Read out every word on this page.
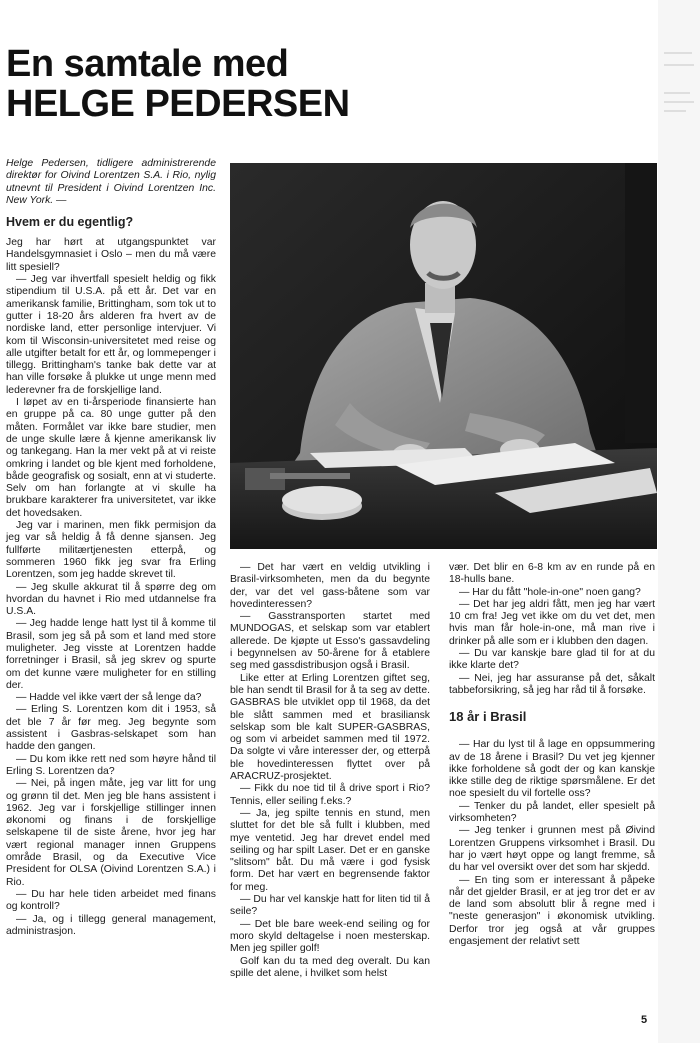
En samtale med
HELGE PEDERSEN
Helge Pedersen, tidligere administrerende direktør for Oivind Lorentzen S.A. i Rio, nylig utnevnt til President i Oivind Lorentzen Inc. New York. —
Hvem er du egentlig?
Jeg har hørt at utgangspunktet var Handelsgymnasiet i Oslo – men du må være litt spesiell?
— Jeg var ihvertfall spesielt heldig og fikk stipendium til U.S.A. på ett år. Det var en amerikansk familie, Brittingham, som tok ut to gutter i 18-20 års alderen fra hvert av de nordiske land, etter personlige intervjuer. Vi kom til Wisconsin-universitetet med reise og alle utgifter betalt for ett år, og lommepenger i tillegg. Brittingham's tanke bak dette var at han ville forsøke å plukke ut unge menn med lederevner fra de forskjellige land.
I løpet av en ti-årsperiode finansierte han en gruppe på ca. 80 unge gutter på den måten. Formålet var ikke bare studier, men de unge skulle lære å kjenne amerikansk liv og tankegang. Han la mer vekt på at vi reiste omkring i landet og ble kjent med forholdene, både geografisk og sosialt, enn at vi studerte. Selv om han forlangte at vi skulle ha brukbare karakterer fra universitetet, var ikke det hovedsaken.
Jeg var i marinen, men fikk permisjon da jeg var så heldig å få denne sjansen. Jeg fullførte militærtjenesten etterpå, og sommeren 1960 fikk jeg svar fra Erling Lorentzen, som jeg hadde skrevet til.
— Jeg skulle akkurat til å spørre deg om hvordan du havnet i Rio med utdannelse fra U.S.A.
— Jeg hadde lenge hatt lyst til å komme til Brasil, som jeg så på som et land med store muligheter. Jeg visste at Lorentzen hadde forretninger i Brasil, så jeg skrev og spurte om det kunne være muligheter for en stilling der.
— Hadde vel ikke vært der så lenge da?
— Erling S. Lorentzen kom dit i 1953, så det ble 7 år før meg. Jeg begynte som assistent i Gasbras-selskapet som han hadde den gangen.
— Du kom ikke rett ned som høyre hånd til Erling S. Lorentzen da?
— Nei, på ingen måte, jeg var litt for ung og grønn til det. Men jeg ble hans assistent i 1962. Jeg var i forskjellige stillinger innen økonomi og finans i de forskjellige selskapene til de siste årene, hvor jeg har vært regional manager innen Gruppens område Brasil, og da Executive Vice President for OLSA (Oivind Lorentzen S.A.) i Rio.
— Du har hele tiden arbeidet med finans og kontroll?
— Ja, og i tillegg general management, administrasjon.
— Det har vært en veldig utvikling i Brasil-virksomheten, men da du begynte der, var det vel gass-båtene som var hovedinteressen?
— Gasstransporten startet med MUNDOGAS, et selskap som var etablert allerede. De kjøpte ut Esso's gassavdeling i begynnelsen av 50-årene for å etablere seg med gassdistribusjon også i Brasil.
Like etter at Erling Lorentzen giftet seg, ble han sendt til Brasil for å ta seg av dette. GASBRAS ble utviklet opp til 1968, da det ble slått sammen med et brasiliansk selskap som ble kalt SUPER-GASBRAS, og som vi arbeidet sammen med til 1972. Da solgte vi våre interesser der, og etterpå ble hovedinteressen flyttet over på ARACRUZ-prosjektet.
— Fikk du noe tid til å drive sport i Rio? Tennis, eller seiling f.eks.?
— Ja, jeg spilte tennis en stund, men sluttet for det ble så fullt i klubben, med mye ventetid. Jeg har drevet endel med seiling og har spilt Laser. Det er en ganske "slitsom" båt. Du må være i god fysisk form. Det har vært en begrensende faktor for meg.
— Du har vel kanskje hatt for liten tid til å seile?
— Det ble bare week-end seiling og for moro skyld deltagelse i noen mesterskap. Men jeg spiller golf!
Golf kan du ta med deg overalt. Du kan spille det alene, i hvilket som helst
vær. Det blir en 6-8 km av en runde på en 18-hulls bane.
— Har du fått "hole-in-one" noen gang?
— Det har jeg aldri fått, men jeg har vært 10 cm fra! Jeg vet ikke om du vet det, men hvis man får hole-in-one, må man rive i drinker på alle som er i klubben den dagen.
— Du var kanskje bare glad til for at du ikke klarte det?
— Nei, jeg har assuranse på det, såkalt tabbeforsikring, så jeg har råd til å forsøke.
18 år i Brasil
— Har du lyst til å lage en oppsummering av de 18 årene i Brasil? Du vet jeg kjenner ikke forholdene så godt der og kan kanskje ikke stille deg de riktige spørsmålene. Er det noe spesielt du vil fortelle oss?
— Tenker du på landet, eller spesielt på virksomheten?
— Jeg tenker i grunnen mest på Øivind Lorentzen Gruppens virksomhet i Brasil. Du har jo vært høyt oppe og langt fremme, så du har vel oversikt over det som har skjedd.
— En ting som er interessant å påpeke når det gjelder Brasil, er at jeg tror det er av de land som absolutt blir å regne med i "neste generasjon" i økonomisk utvikling. Derfor tror jeg også at vår gruppes engasjement der relativt sett
5
